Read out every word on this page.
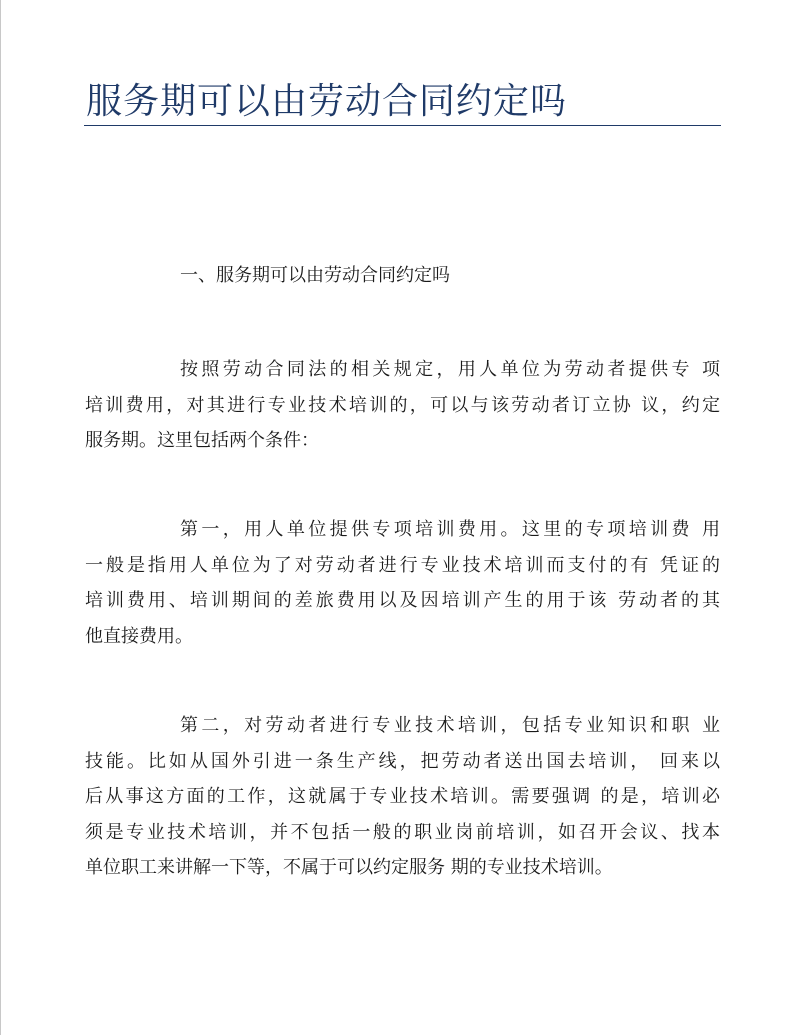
服务期可以由劳动合同约定吗

一、服务期可以由劳动合同约定吗

按照劳动合同法的相关规定，用人单位为劳动者提供专 项
培训费用，对其进行专业技术培训的，可以与该劳动者订立协 议，约定
服务期。这里包括两个条件：
第一，用人单位提供专项培训费用。这里的专项培训费 用
一般是指用人单位为了对劳动者进行专业技术培训而支付的有 凭证的
培训费用、培训期间的差旅费用以及因培训产生的用于该 劳动者的其
他直接费用。
第二，对劳动者进行专业技术培训，包括专业知识和职 业
技能。比如从国外引进一条生产线，把劳动者送出国去培训， 回来以
后从事这方面的工作，这就属于专业技术培训。需要强调 的是，培训必
须是专业技术培训，并不包括一般的职业岗前培训，如召开会议、找本
单位职工来讲解一下等，不属于可以约定服务 期的专业技术培训。
